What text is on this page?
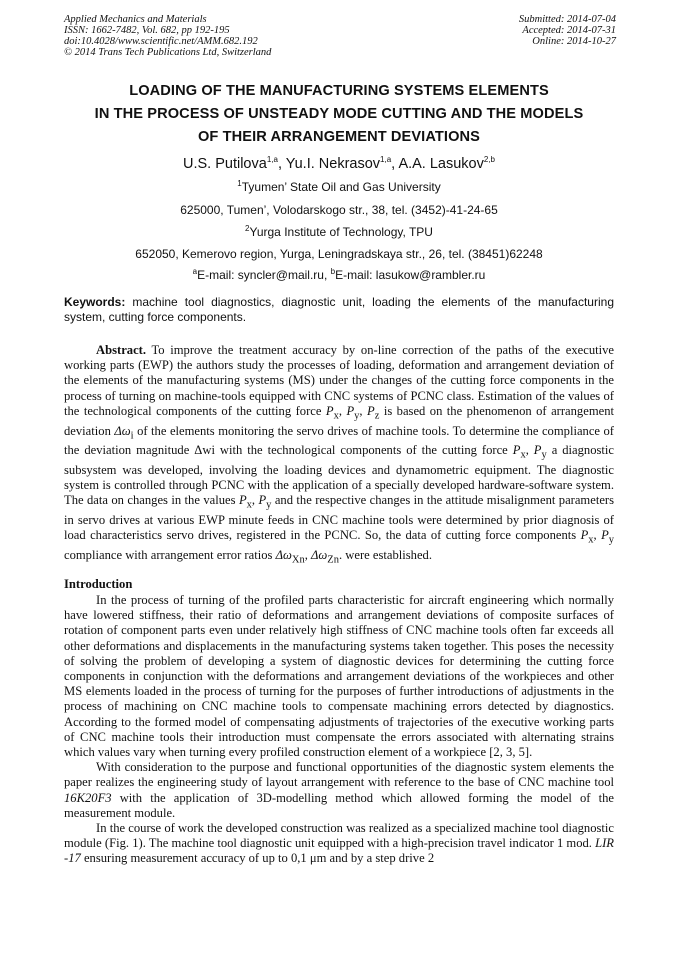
Applied Mechanics and Materials
ISSN: 1662-7482, Vol. 682, pp 192-195
doi:10.4028/www.scientific.net/AMM.682.192
© 2014 Trans Tech Publications Ltd, Switzerland
Submitted: 2014-07-04
Accepted: 2014-07-31
Online: 2014-10-27
LOADING OF THE MANUFACTURING SYSTEMS ELEMENTS
IN THE PROCESS OF UNSTEADY MODE CUTTING AND THE MODELS
OF THEIR ARRANGEMENT DEVIATIONS
U.S. Putilova$^{1,a}$, Yu.I. Nekrasov$^{1,a}$, A.A. Lasukov$^{2,b}$
$^1$Tyumen’ State Oil and Gas University
625000, Tumen’, Volodarskogo str., 38, tel. (3452)-41-24-65
$^2$Yurga Institute of Technology, TPU
652050, Kemerovo region, Yurga, Leningradskaya str., 26, tel. (38451)62248
$^a$E-mail: syncler@mail.ru, $^b$E-mail: lasukow@rambler.ru
Keywords: machine tool diagnostics, diagnostic unit, loading the elements of the manufacturing system, cutting force components.

Abstract. To improve the treatment accuracy by on-line correction of the paths of the executive working parts (EWP) the authors study the processes of loading, deformation and arrangement deviation of the elements of the manufacturing systems (MS) under the changes of the cutting force components in the process of turning on machine-tools equipped with CNC systems of PCNC class. Estimation of the values of the technological components of the cutting force $P_x$, $P_y$, $P_z$ is based on the phenomenon of arrangement deviation $\Delta\omega_i$ of the elements monitoring the servo drives of machine tools. To determine the compliance of the deviation magnitude Δwi with the technological components of the cutting force $P_x$, $P_y$ a diagnostic subsystem was developed, involving the loading devices and dynamometric equipment. The diagnostic system is controlled through PCNC with the application of a specially developed hardware-software system. The data on changes in the values $P_x$, $P_y$ and the respective changes in the attitude misalignment parameters in servo drives at various EWP minute feeds in CNC machine tools were determined by prior diagnosis of load characteristics servo drives, registered in the PCNC. So, the data of cutting force components $P_x$, $P_y$ compliance with arrangement error ratios $\Delta\omega_{Xn}$, $\Delta\omega_{Zn}$. were established.

Introduction

In the process of turning of the profiled parts characteristic for aircraft engineering which normally have lowered stiffness, their ratio of deformations and arrangement deviations of composite surfaces of rotation of component parts even under relatively high stiffness of CNC machine tools often far exceeds all other deformations and displacements in the manufacturing systems taken together. This poses the necessity of solving the problem of developing a system of diagnostic devices for determining the cutting force components in conjunction with the deformations and arrangement deviations of the workpieces and other MS elements loaded in the process of turning for the purposes of further introductions of adjustments in the process of machining on CNC machine tools to compensate machining errors detected by diagnostics. According to the formed model of compensating adjustments of trajectories of the executive working parts of CNC machine tools their introduction must compensate the errors associated with alternating strains which values vary when turning every profiled construction element of a workpiece [2, 3, 5].

With consideration to the purpose and functional opportunities of the diagnostic system elements the paper realizes the engineering study of layout arrangement with reference to the base of CNC machine tool 16K20F3 with the application of 3D-modelling method which allowed forming the model of the measurement module.

In the course of work the developed construction was realized as a specialized machine tool diagnostic module (Fig. 1). The machine tool diagnostic unit equipped with a high-precision travel indicator 1 mod. LIR -17 ensuring measurement accuracy of up to 0,1 μm and by a step drive 2
